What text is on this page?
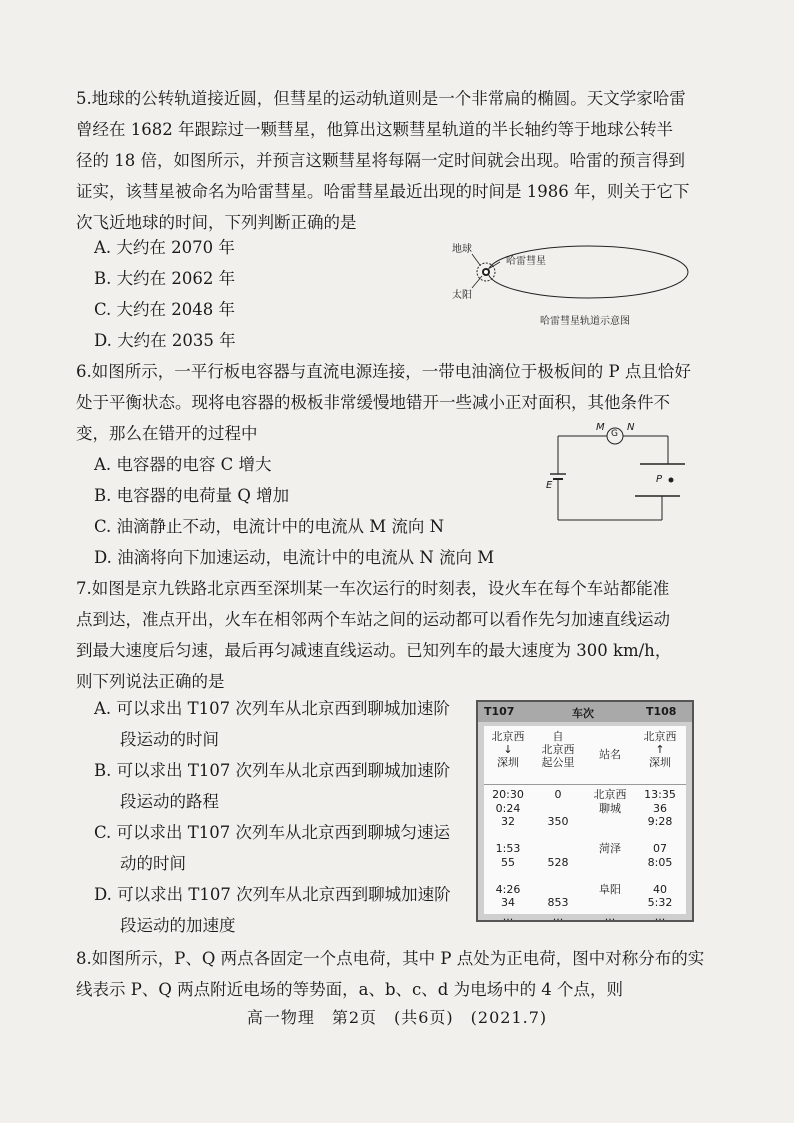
5.地球的公转轨道接近圆，但彗星的运动轨道则是一个非常扁的椭圆。天文学家哈雷

曾经在 1682 年跟踪过一颗彗星，他算出这颗彗星轨道的半长轴约等于地球公转半

径的 18 倍，如图所示，并预言这颗彗星将每隔一定时间就会出现。哈雷的预言得到

证实，该彗星被命名为哈雷彗星。哈雷彗星最近出现的时间是 1986 年，则关于它下

次飞近地球的时间，下列判断正确的是

A. 大约在 2070 年
B. 大约在 2062 年
C. 大约在 2048 年
D. 大约在 2035 年
地球
哈雷彗星
太阳
哈雷彗星轨道示意图

6.如图所示，一平行板电容器与直流电源连接，一带电油滴位于极板间的 P 点且恰好

处于平衡状态。现将电容器的极板非常缓慢地错开一些减小正对面积，其他条件不

变，那么在错开的过程中

A. 电容器的电容 C 增大
B. 电容器的电荷量 Q 增加
C. 油滴静止不动，电流计中的电流从 M 流向 N
D. 油滴将向下加速运动，电流计中的电流从 N 流向 M
M
G
N
E
P

7.如图是京九铁路北京西至深圳某一车次运行的时刻表，设火车在每个车站都能准

点到达，准点开出，火车在相邻两个车站之间的运动都可以看作先匀加速直线运动

到最大速度后匀速，最后再匀减速直线运动。已知列车的最大速度为 300 km/h，

则下列说法正确的是

A. 可以求出 T107 次列车从北京西到聊城加速阶
段运动的时间
B. 可以求出 T107 次列车从北京西到聊城加速阶
段运动的路程
C. 可以求出 T107 次列车从北京西到聊城匀速运
动的时间
D. 可以求出 T107 次列车从北京西到聊城加速阶
段运动的加速度
T107	车次	T108
北京西
↓
深圳
自
北京西
起公里
站名
北京西
↑
深圳
20:30
0:24
32
1:53
55
4:26
34
...
0
350
528
853
...
北京西
聊城
菏泽
阜阳
...
13:35
36
9:28
07
8:05
40
5:32
...

8.如图所示，P、Q 两点各固定一个点电荷，其中 P 点处为正电荷，图中对称分布的实

线表示 P、Q 两点附近电场的等势面，a、b、c、d 为电场中的 4 个点，则

高一物理　第2页　(共6页)　(2021.7)
